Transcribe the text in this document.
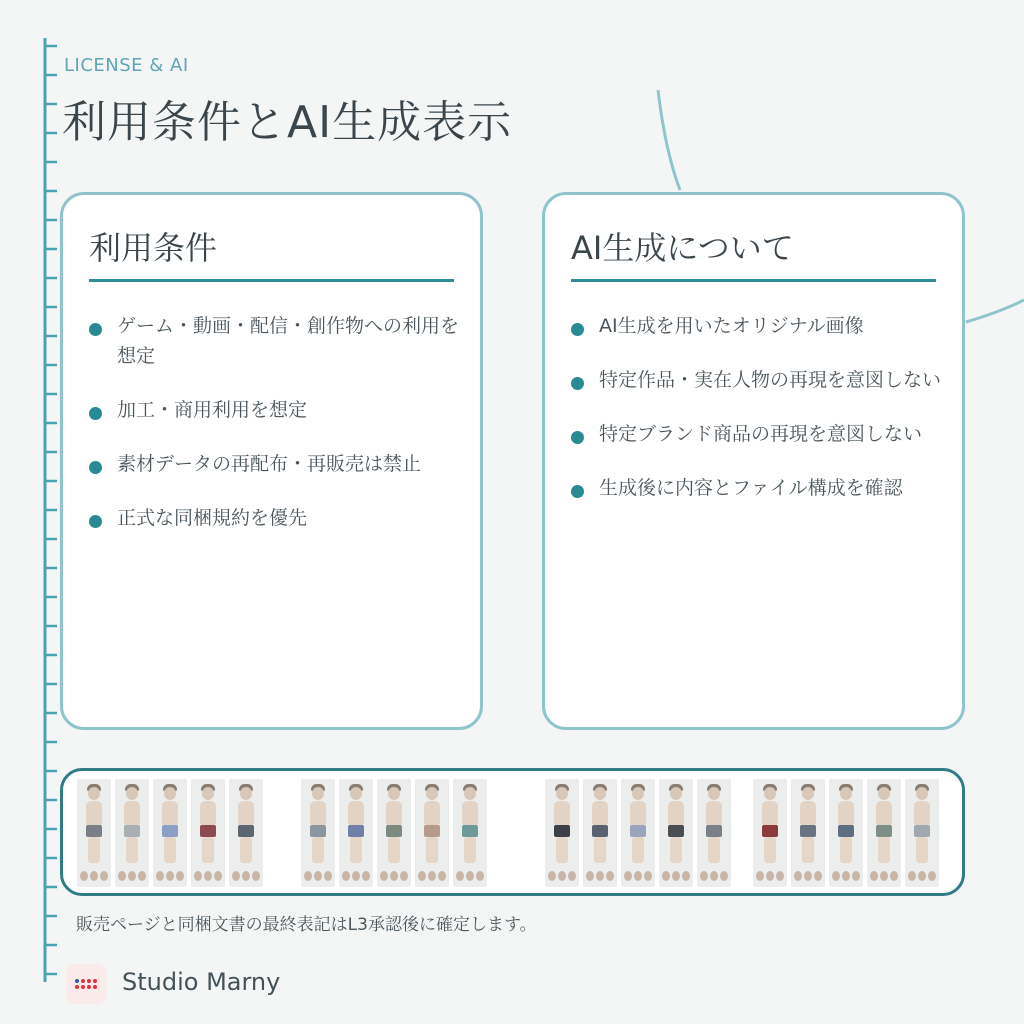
LICENSE & AI
利用条件とAI生成表示
利用条件
ゲーム・動画・配信・創作物への利用を想定
加工・商用利用を想定
素材データの再配布・再販売は禁止
正式な同梱規約を優先
AI生成について
AI生成を用いたオリジナル画像
特定作品・実在人物の再現を意図しない
特定ブランド商品の再現を意図しない
生成後に内容とファイル構成を確認
販売ページと同梱文書の最終表記はL3承認後に確定します。
Studio Marny
